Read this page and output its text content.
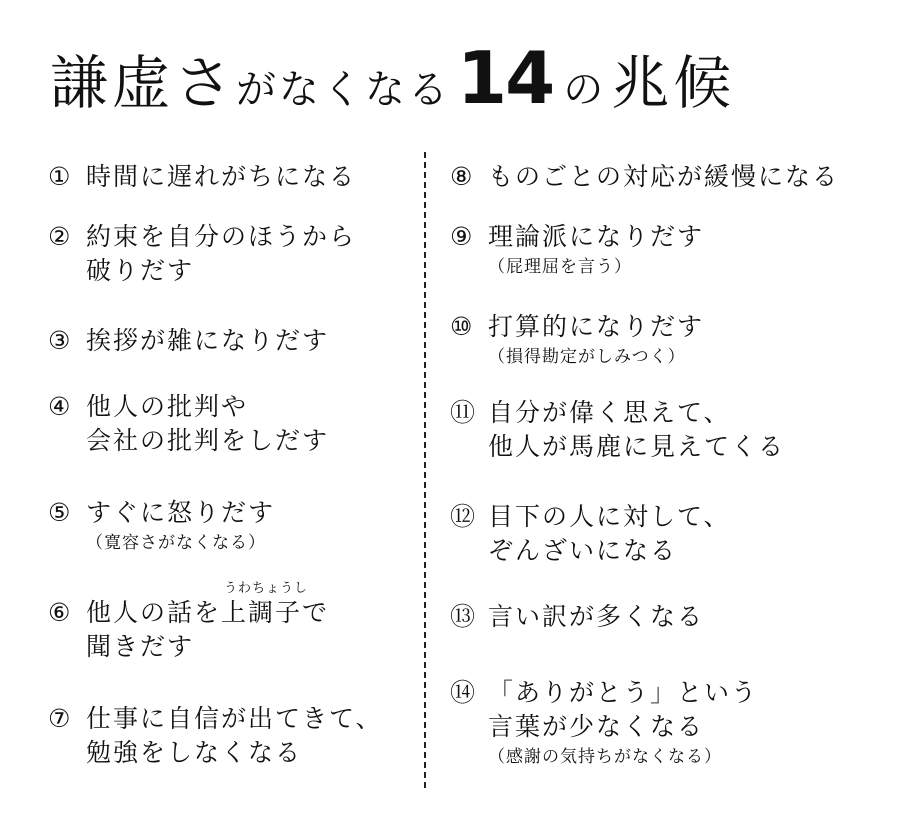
謙虚さがなくなる14 の 兆候
① 時間に遅れがちになる
② 約束を自分のほうから
破りだす
③ 挨拶が雑になりだす
④ 他人の批判や
会社の批判をしだす
⑤ すぐに怒りだす
（寛容さがなくなる）
うわちょうし
⑥ 他人の話を上調子で
聞きだす
⑦ 仕事に自信が出てきて、
勉強をしなくなる
⑧ ものごとの対応が緩慢になる
⑨ 理論派になりだす
（屁理屈を言う）
⑩ 打算的になりだす
（損得勘定がしみつく）
⑪ 自分が偉く思えて、
他人が馬鹿に見えてくる
⑫ 目下の人に対して、
ぞんざいになる
⑬ 言い訳が多くなる
⑭ 「ありがとう」という
言葉が少なくなる
（感謝の気持ちがなくなる）
